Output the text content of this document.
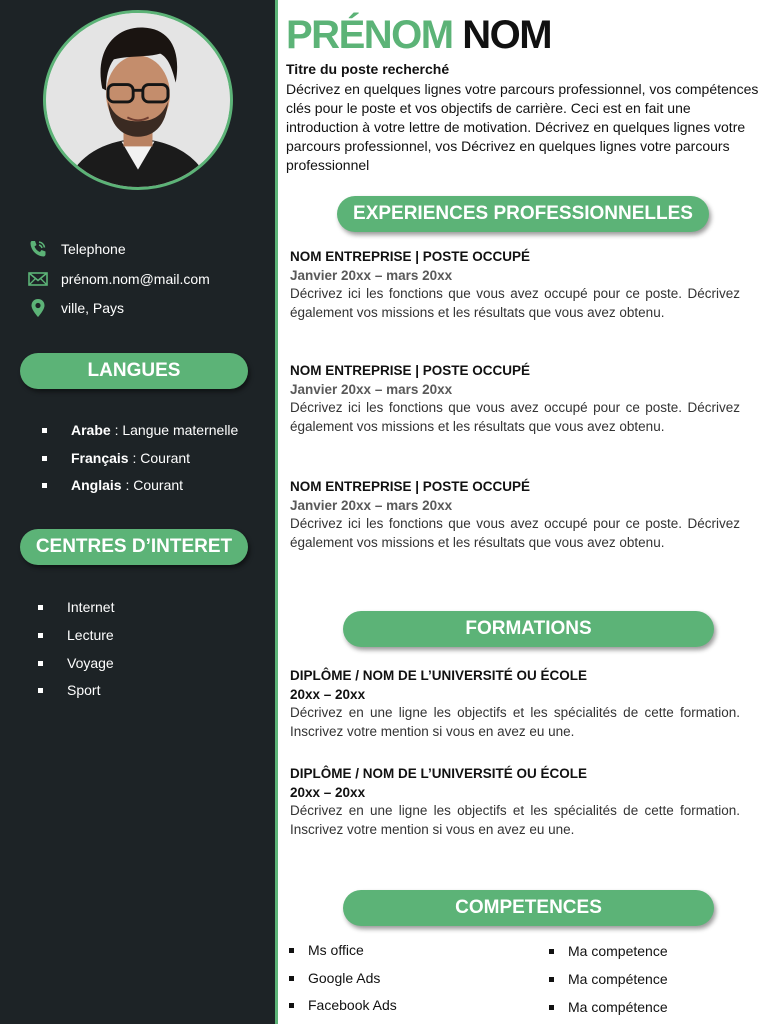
Telephone
prénom.nom@mail.com
ville, Pays
LANGUES
Arabe : Langue maternelle
Français : Courant
Anglais : Courant
CENTRES D’INTERET
Internet
Lecture
Voyage
Sport
PRÉNOM NOM
Titre du poste recherché
Décrivez en quelques lignes votre parcours professionnel, vos compétences clés pour le poste et vos objectifs de carrière. Ceci est en fait une introduction à votre lettre de motivation. Décrivez en quelques lignes votre parcours professionnel, vos Décrivez en quelques lignes votre parcours professionnel
EXPERIENCES PROFESSIONNELLES
NOM ENTREPRISE | POSTE OCCUPÉ
Janvier 20xx – mars 20xx
Décrivez ici les fonctions que vous avez occupé pour ce poste. Décrivez également vos missions et les résultats que vous avez obtenu.
NOM ENTREPRISE | POSTE OCCUPÉ
Janvier 20xx – mars 20xx
Décrivez ici les fonctions que vous avez occupé pour ce poste. Décrivez également vos missions et les résultats que vous avez obtenu.
NOM ENTREPRISE | POSTE OCCUPÉ
Janvier 20xx – mars 20xx
Décrivez ici les fonctions que vous avez occupé pour ce poste. Décrivez également vos missions et les résultats que vous avez obtenu.
FORMATIONS
DIPLÔME / NOM DE L’UNIVERSITÉ OU ÉCOLE
20xx – 20xx
Décrivez en une ligne les objectifs et les spécialités de cette formation. Inscrivez votre mention si vous en avez eu une.
DIPLÔME / NOM DE L’UNIVERSITÉ OU ÉCOLE
20xx – 20xx
Décrivez en une ligne les objectifs et les spécialités de cette formation. Inscrivez votre mention si vous en avez eu une.
COMPETENCES
Ms office
Google Ads
Facebook Ads
Ma competence
Ma compétence
Ma compétence
